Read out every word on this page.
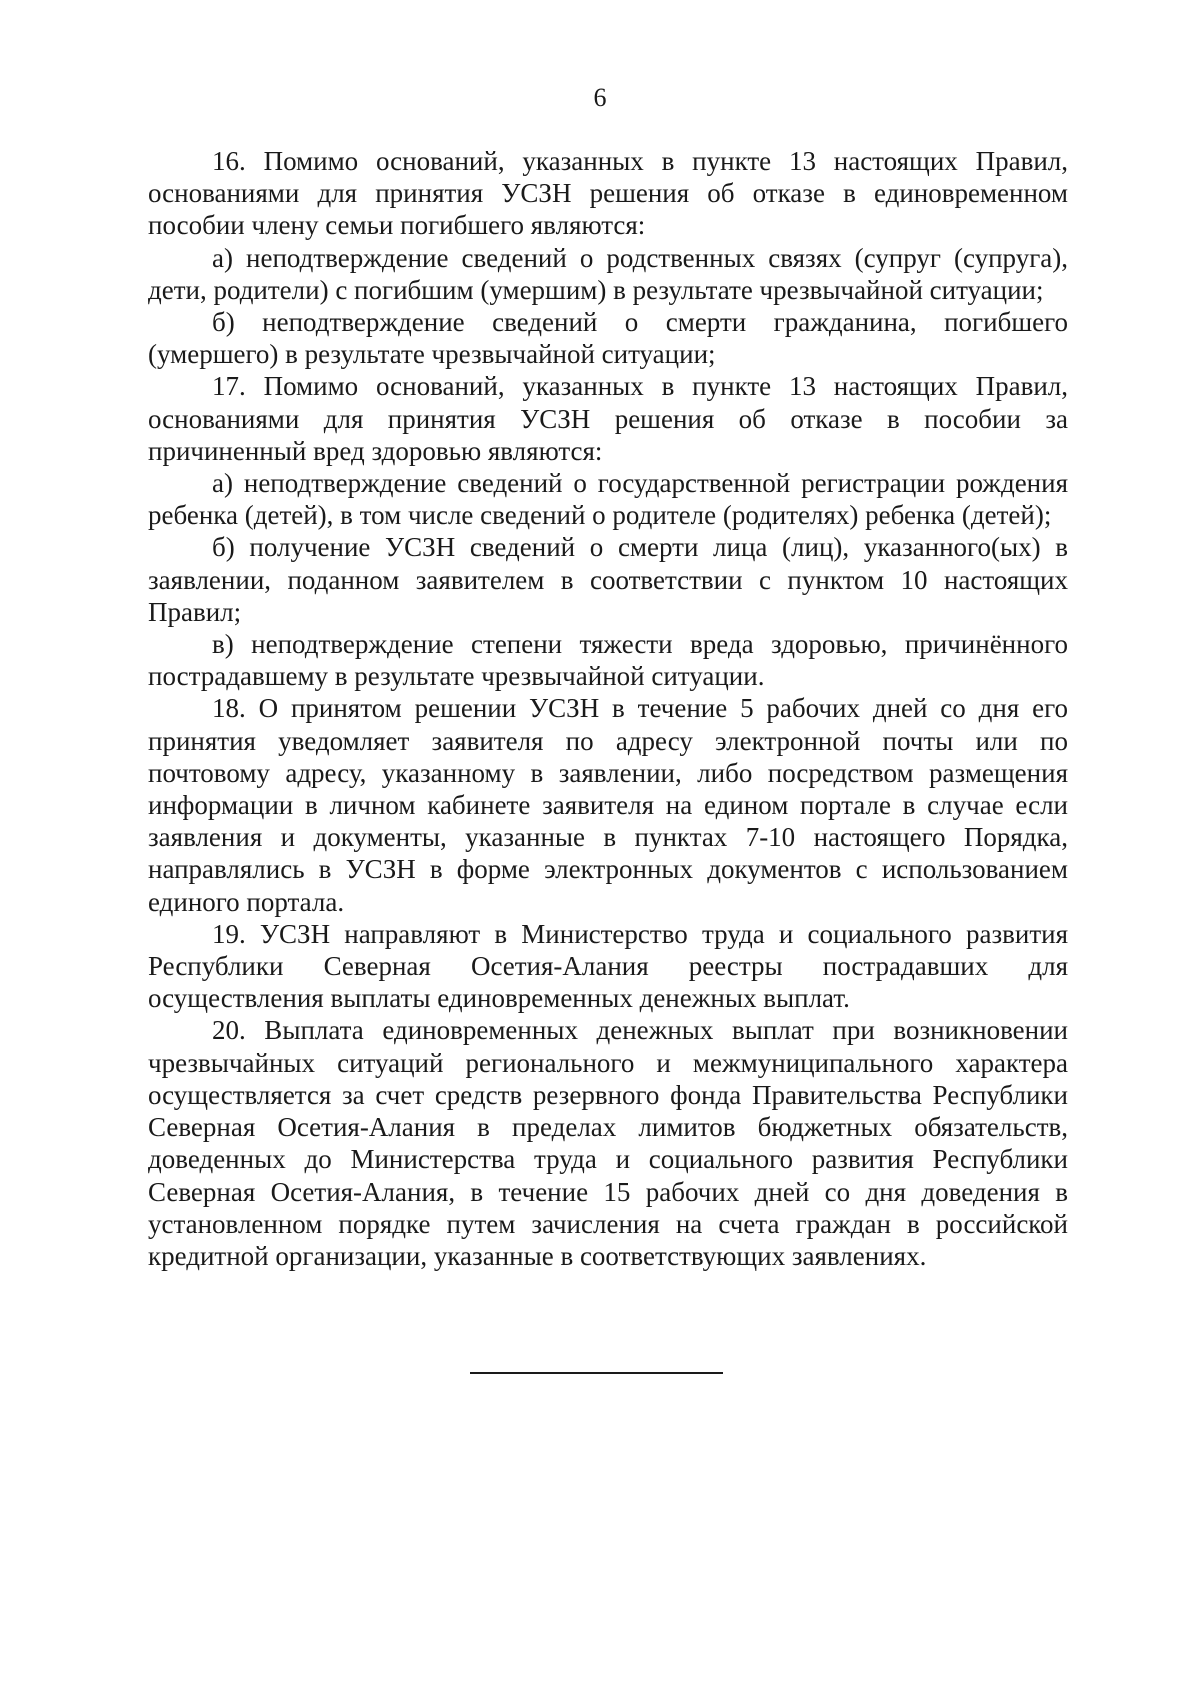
6

16. Помимо оснований, указанных в пункте 13 настоящих Правил, основаниями для принятия УСЗН решения об отказе в единовременном пособии члену семьи погибшего являются:

а) неподтверждение сведений о родственных связях (супруг (супруга), дети, родители) с погибшим (умершим) в результате чрезвычайной ситуации;

б) неподтверждение сведений о смерти гражданина, погибшего (умершего) в результате чрезвычайной ситуации;

17. Помимо оснований, указанных в пункте 13 настоящих Правил, основаниями для принятия УСЗН решения об отказе в пособии за причиненный вред здоровью являются:

а) неподтверждение сведений о государственной регистрации рождения ребенка (детей), в том числе сведений о родителе (родителях) ребенка (детей);

б) получение УСЗН сведений о смерти лица (лиц), указанного(ых) в заявлении, поданном заявителем в соответствии с пунктом 10 настоящих Правил;

в) неподтверждение степени тяжести вреда здоровью, причинённого пострадавшему в результате чрезвычайной ситуации.

18. О принятом решении УСЗН в течение 5 рабочих дней со дня его принятия уведомляет заявителя по адресу электронной почты или по почтовому адресу, указанному в заявлении, либо посредством размещения информации в личном кабинете заявителя на едином портале в случае если заявления и документы, указанные в пунктах 7-10 настоящего Порядка, направлялись в УСЗН в форме электронных документов с использованием единого портала.

19. УСЗН направляют в Министерство труда и социального развития Республики Северная Осетия-Алания реестры пострадавших для осуществления выплаты единовременных денежных выплат.

20. Выплата единовременных денежных выплат при возникновении чрезвычайных ситуаций регионального и межмуниципального характера осуществляется за счет средств резервного фонда Правительства Республики Северная Осетия-Алания в пределах лимитов бюджетных обязательств, доведенных до Министерства труда и социального развития Республики Северная Осетия-Алания, в течение 15 рабочих дней со дня доведения в установленном порядке путем зачисления на счета граждан в российской кредитной организации, указанные в соответствующих заявлениях.
